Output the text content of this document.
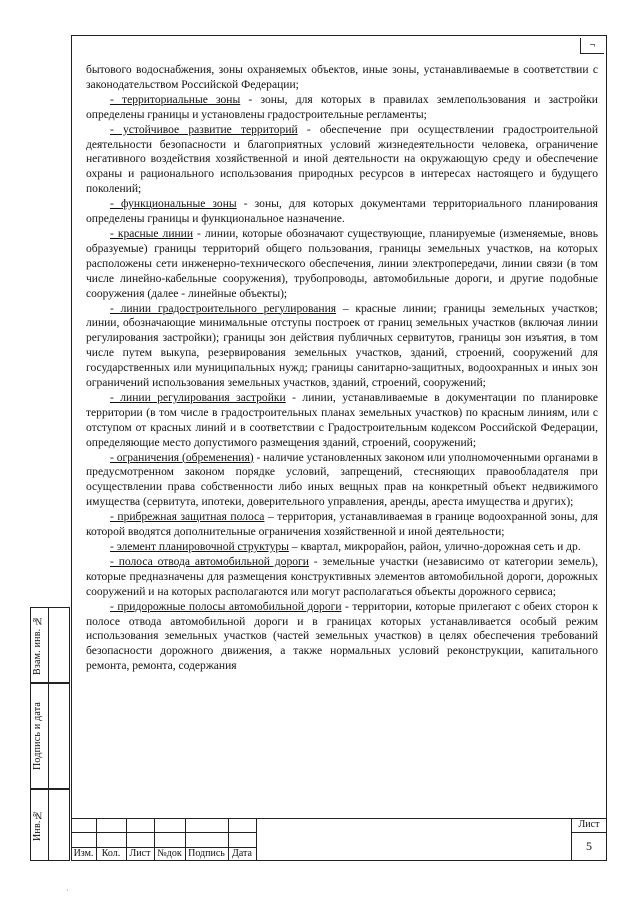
¬

бытового водоснабжения, зоны охраняемых объектов, иные зоны, устанавливаемые в соответствии с законодательством Российской Федерации;

- территориальные зоны - зоны, для которых в правилах землепользования и застройки определены границы и установлены градостроительные регламенты;

- устойчивое развитие территорий - обеспечение при осуществлении градостроительной деятельности безопасности и благоприятных условий жизнедеятельности человека, ограничение негативного воздействия хозяйственной и иной деятельности на окружающую среду и обеспечение охраны и рационального использования природных ресурсов в интересах настоящего и будущего поколений;

- функциональные зоны - зоны, для которых документами территориального планирования определены границы и функциональное назначение.

- красные линии - линии, которые обозначают существующие, планируемые (изменяемые, вновь образуемые) границы территорий общего пользования, границы земельных участков, на которых расположены сети инженерно-технического обеспечения, линии электропередачи, линии связи (в том числе линейно-кабельные сооружения), трубопроводы, автомобильные дороги, и другие подобные сооружения (далее - линейные объекты);

- линии градостроительного регулирования – красные линии; границы земельных участков; линии, обозначающие минимальные отступы построек от границ земельных участков (включая линии регулирования застройки); границы зон действия публичных сервитутов, границы зон изъятия, в том числе путем выкупа, резервирования земельных участков, зданий, строений, сооружений для государственных или муниципальных нужд; границы санитарно-защитных, водоохранных и иных зон ограничений использования земельных участков, зданий, строений, сооружений;

- линии регулирования застройки - линии, устанавливаемые в документации по планировке территории (в том числе в градостроительных планах земельных участков) по красным линиям, или с отступом от красных линий и в соответствии с Градостроительным кодексом Российской Федерации, определяющие место допустимого размещения зданий, строений, сооружений;

- ограничения (обременения) - наличие установленных законом или уполномоченными органами в предусмотренном законом порядке условий, запрещений, стесняющих правообладателя при осуществлении права собственности либо иных вещных прав на конкретный объект недвижимого имущества (сервитута, ипотеки, доверительного управления, аренды, ареста имущества и других);

- прибрежная защитная полоса – территория, устанавливаемая в границе водоохранной зоны, для которой вводятся дополнительные ограничения хозяйственной и иной деятельности;

- элемент планировочной структуры – квартал, микрорайон, район, улично-дорожная сеть и др.

- полоса отвода автомобильной дороги - земельные участки (независимо от категории земель), которые предназначены для размещения конструктивных элементов автомобильной дороги, дорожных сооружений и на которых располагаются или могут располагаться объекты дорожного сервиса;

- придорожные полосы автомобильной дороги - территории, которые прилегают с обеих сторон к полосе отвода автомобильной дороги и в границах которых устанавливается особый режим использования земельных участков (частей земельных участков) в целях обеспечения требований безопасности дорожного движения, а также нормальных условий реконструкции, капитального ремонта, ремонта, содержания

Взам. инв. №
Подпись и дата
Инв.№
Изм. Кол. Лист №док Подпись Дата
Лист
5
·
